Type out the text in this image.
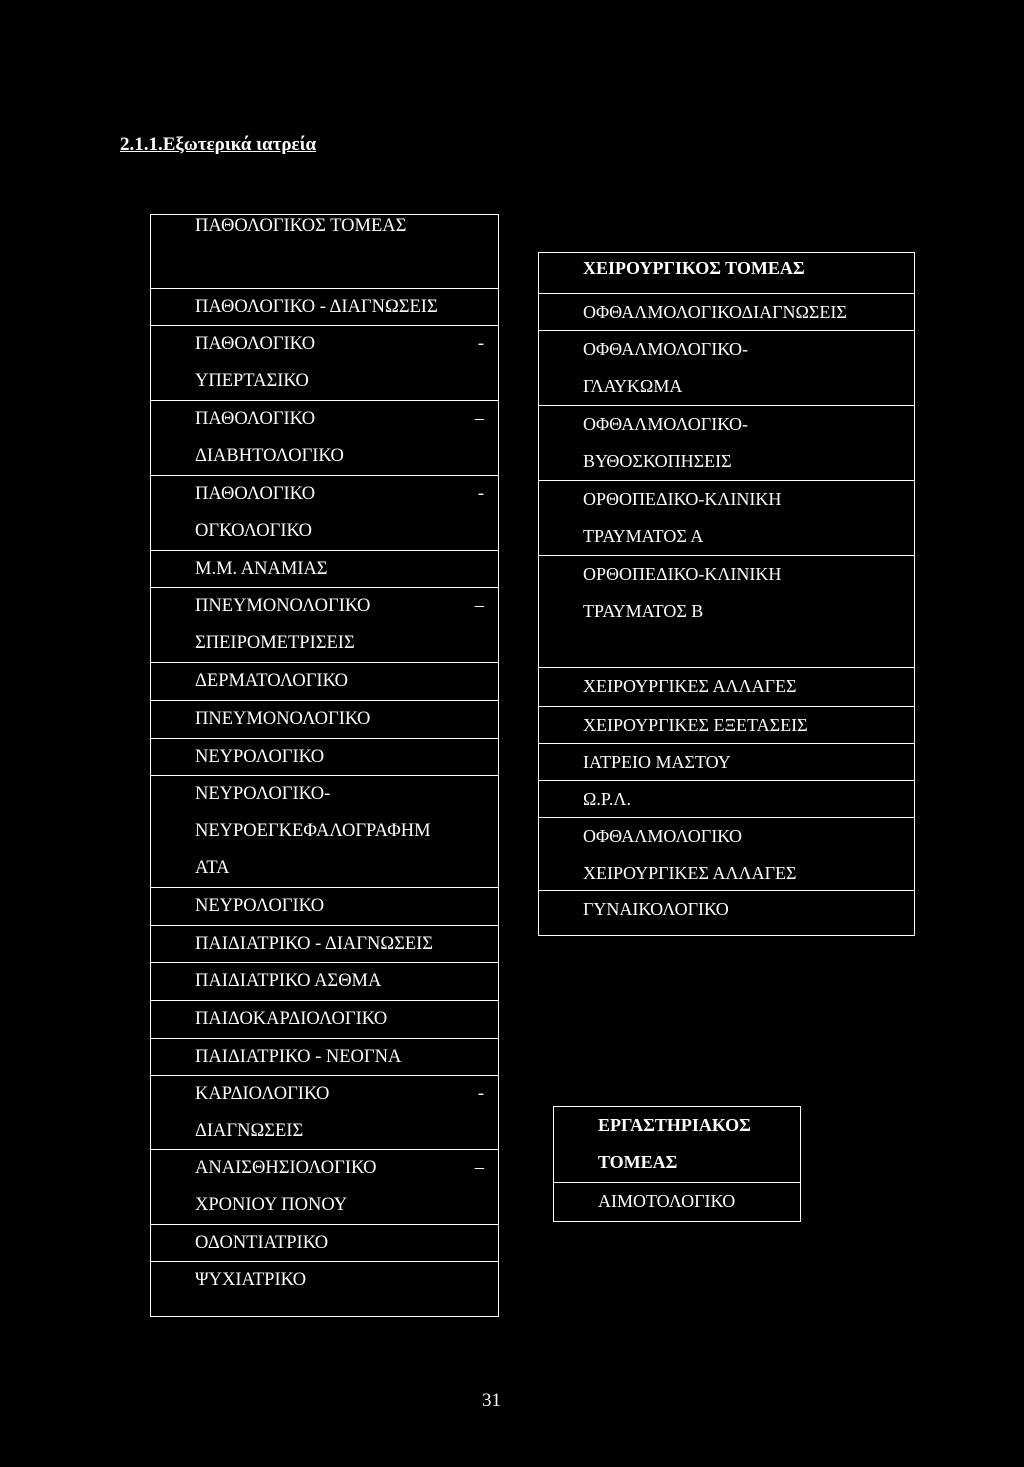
2.1.1.Εξωτερικά ιατρεία
ΠΑΘΟΛΟΓΙΚΟΣ ΤΟΜΕΑΣ
ΠΑΘΟΛΟΓΙΚΟ - ΔΙΑΓΝΩΣΕΙΣ
ΠΑΘΟΛΟΓΙΚΟ	-
ΥΠΕΡΤΑΣΙΚΟ
ΠΑΘΟΛΟΓΙΚΟ	–
ΔΙΑΒΗΤΟΛΟΓΙΚΟ
ΠΑΘΟΛΟΓΙΚΟ	-
ΟΓΚΟΛΟΓΙΚΟ
Μ.Μ. ΑΝΑΜΙΑΣ
ΠΝΕΥΜΟΝΟΛΟΓΙΚΟ	–
ΣΠΕΙΡΟΜΕΤΡΙΣΕΙΣ
ΔΕΡΜΑΤΟΛΟΓΙΚΟ
ΠΝΕΥΜΟΝΟΛΟΓΙΚΟ
ΝΕΥΡΟΛΟΓΙΚΟ
ΝΕΥΡΟΛΟΓΙΚΟ-
ΝΕΥΡΟΕΓΚΕΦΑΛΟΓΡΑΦΗΜ
ΑΤΑ
ΝΕΥΡΟΛΟΓΙΚΟ
ΠΑΙΔΙΑΤΡΙΚΟ - ΔΙΑΓΝΩΣΕΙΣ
ΠΑΙΔΙΑΤΡΙΚΟ ΑΣΘΜΑ
ΠΑΙΔΟΚΑΡΔΙΟΛΟΓΙΚΟ
ΠΑΙΔΙΑΤΡΙΚΟ - ΝΕΟΓΝΑ
ΚΑΡΔΙΟΛΟΓΙΚΟ	-
ΔΙΑΓΝΩΣΕΙΣ
ΑΝΑΙΣΘΗΣΙΟΛΟΓΙΚΟ	–
ΧΡΟΝΙΟΥ ΠΟΝΟΥ
ΟΔΟΝΤΙΑΤΡΙΚΟ
ΨΥΧΙΑΤΡΙΚΟ
ΧΕΙΡΟΥΡΓΙΚΟΣ ΤΟΜΕΑΣ
ΟΦΘΑΛΜΟΛΟΓΙΚΟΔΙΑΓΝΩΣΕΙΣ
ΟΦΘΑΛΜΟΛΟΓΙΚΟ-
ΓΛΑΥΚΩΜΑ
ΟΦΘΑΛΜΟΛΟΓΙΚΟ-
ΒΥΘΟΣΚΟΠΗΣΕΙΣ
ΟΡΘΟΠΕΔΙΚΟ-ΚΛΙΝΙΚΗ
ΤΡΑΥΜΑΤΟΣ Α
ΟΡΘΟΠΕΔΙΚΟ-ΚΛΙΝΙΚΗ
ΤΡΑΥΜΑΤΟΣ Β
ΧΕΙΡΟΥΡΓΙΚΕΣ ΑΛΛΑΓΕΣ
ΧΕΙΡΟΥΡΓΙΚΕΣ ΕΞΕΤΑΣΕΙΣ
ΙΑΤΡΕΙΟ ΜΑΣΤΟΥ
Ω.Ρ.Λ.
ΟΦΘΑΛΜΟΛΟΓΙΚΟ
ΧΕΙΡΟΥΡΓΙΚΕΣ ΑΛΛΑΓΕΣ
ΓΥΝΑΙΚΟΛΟΓΙΚΟ
ΕΡΓΑΣΤΗΡΙΑΚΟΣ
ΤΟΜΕΑΣ
ΑΙΜΟΤΟΛΟΓΙΚΟ
31
